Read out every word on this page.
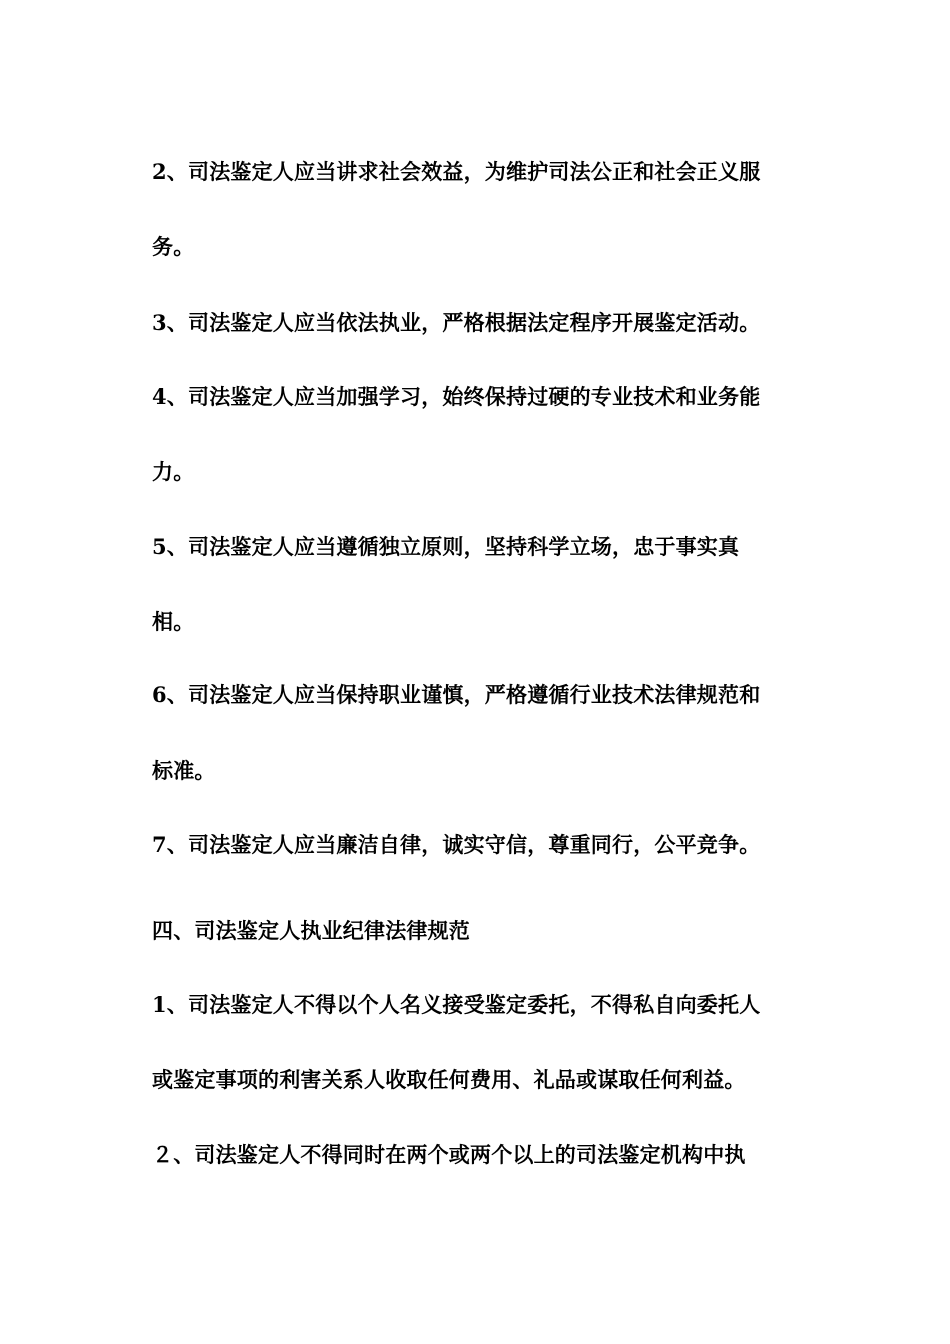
2、司法鉴定人应当讲求社会效益，为维护司法公正和社会正义服

务。

3、司法鉴定人应当依法执业，严格根据法定程序开展鉴定活动。

4、司法鉴定人应当加强学习，始终保持过硬的专业技术和业务能

力。

5、司法鉴定人应当遵循独立原则，坚持科学立场，忠于事实真

相。

6、司法鉴定人应当保持职业谨慎，严格遵循行业技术法律规范和

标准。

7、司法鉴定人应当廉洁自律，诚实守信，尊重同行，公平竞争。

四、司法鉴定人执业纪律法律规范

1、司法鉴定人不得以个人名义接受鉴定委托，不得私自向委托人

或鉴定事项的利害关系人收取任何费用、礼品或谋取任何利益。

２、司法鉴定人不得同时在两个或两个以上的司法鉴定机构中执
